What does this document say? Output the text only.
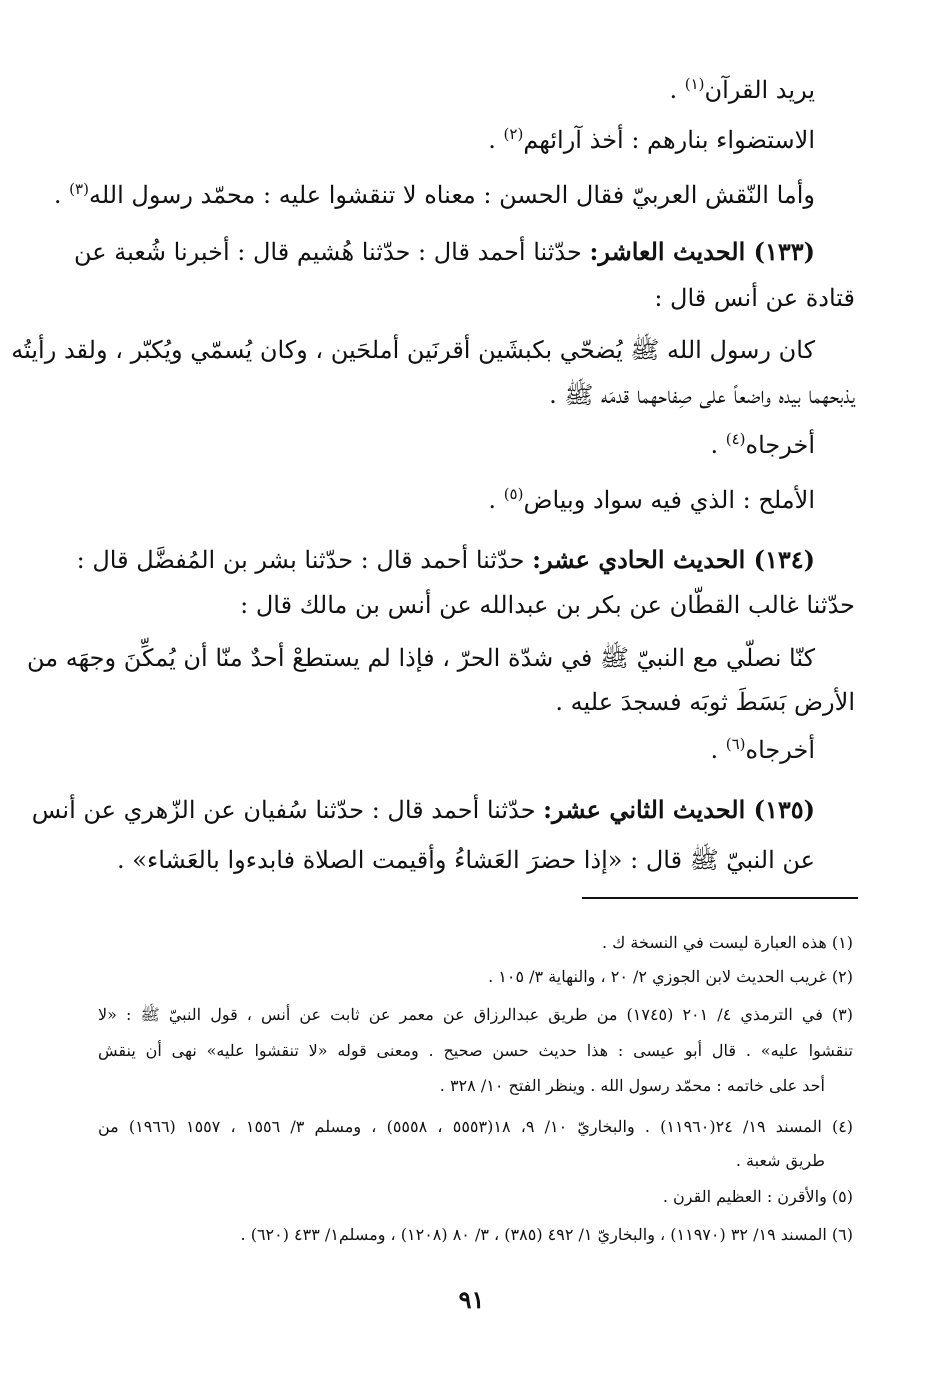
يريد القرآن$^{(١)}$ .
الاستضواء بنارهم : أخذ آرائهم$^{(٢)}$ .
وأما النّقش العربيّ فقال الحسن : معناه لا تنقشوا عليه : محمّد رسول الله$^{(٣)}$ .
(١٣٣) الحديث العاشر: حدّثنا أحمد قال : حدّثنا هُشيم قال : أخبرنا شُعبة عن
قتادة عن أنس قال :
كان رسول الله ﷺ يُضحّي بكبشَين أقرنَين أملحَين ، وكان يُسمّي ويُكبّر ، ولقد رأيتُه
يذبحهما بيده واضعاً على صِفاحهما قدمَه ﷺ .
أخرجاه$^{(٤)}$ .
الأملح : الذي فيه سواد وبياض$^{(٥)}$ .
(١٣٤) الحديث الحادي عشر: حدّثنا أحمد قال : حدّثنا بشر بن المُفضَّل قال :
حدّثنا غالب القطّان عن بكر بن عبدالله عن أنس بن مالك قال :
كنّا نصلّي مع النبيّ ﷺ في شدّة الحرّ ، فإذا لم يستطعْ أحدٌ منّا أن يُمكِّنَ وجهَه من
الأرض بَسَطَ ثوبَه فسجدَ عليه .
أخرجاه$^{(٦)}$ .
(١٣٥) الحديث الثاني عشر: حدّثنا أحمد قال : حدّثنا سُفيان عن الزّهري عن أنس
عن النبيّ ﷺ قال : «إذا حضرَ العَشاءُ وأقيمت الصلاة فابدءوا بالعَشاء» .
(١) هذه العبارة ليست في النسخة ك .
(٢) غريب الحديث لابن الجوزي ٢/ ٢٠ ، والنهاية ٣/ ١٠٥ .
(٣) في الترمذي ٤/ ٢٠١ (١٧٤٥) من طريق عبدالرزاق عن معمر عن ثابت عن أنس ، قول النبيّ ﷺ : «لا
تنقشوا عليه» . قال أبو عيسى : هذا حديث حسن صحيح . ومعنى قوله «لا تنقشوا عليه» نهى أن ينقش
أحد على خاتمه : محمّد رسول الله . وينظر الفتح ١٠/ ٣٢٨ .
(٤) المسند ١٩/ ٢٤(١١٩٦٠) . والبخاريّ ١٠/ ٩، ١٨(٥٥٥٣ ، ٥٥٥٨) ، ومسلم ٣/ ١٥٥٦ ، ١٥٥٧ (١٩٦٦) من
طريق شعبة .
(٥) والأقرن : العظيم القرن .
(٦) المسند ١٩/ ٣٢ (١١٩٧٠) ، والبخاريّ ١/ ٤٩٢ (٣٨٥) ، ٣/ ٨٠ (١٢٠٨) ، ومسلم١/ ٤٣٣ (٦٢٠) .
٩١
